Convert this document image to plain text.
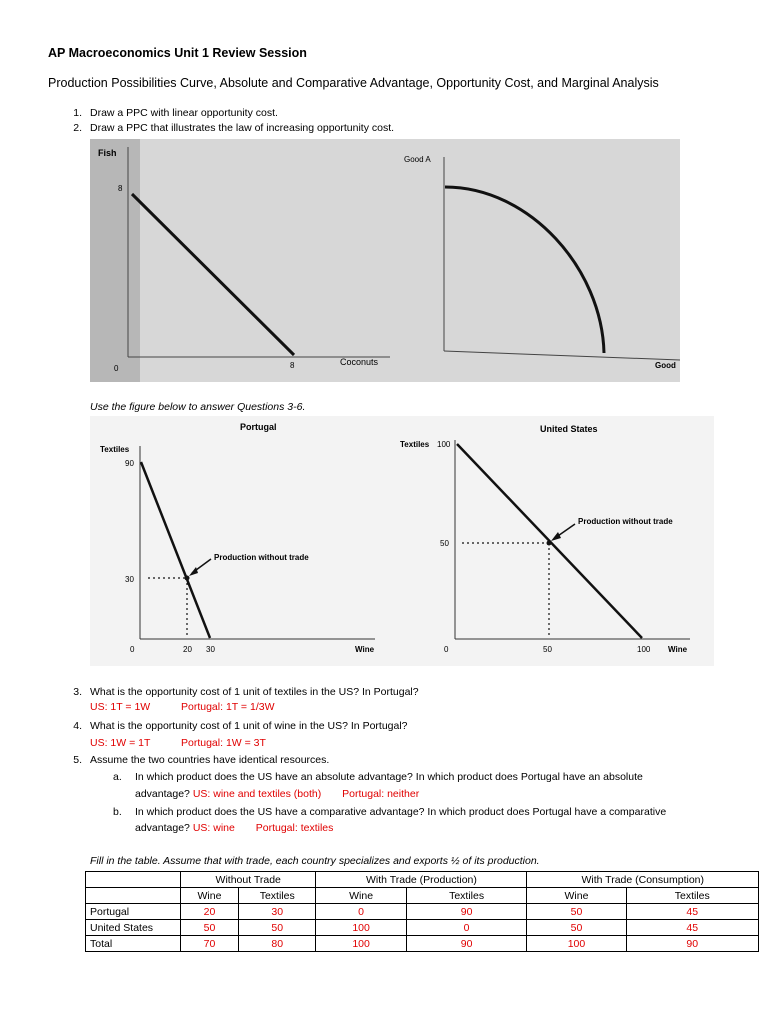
AP Macroeconomics Unit 1 Review Session
Production Possibilities Curve, Absolute and Comparative Advantage, Opportunity Cost, and Marginal Analysis
1. Draw a PPC with linear opportunity cost.
2. Draw a PPC that illustrates the law of increasing opportunity cost.
Fish
8
0	8	Coconuts
Good A
Good
Use the figure below to answer Questions 3-6.
Portugal
Textiles
90
30
0	20 30	Wine
Production without trade
United States
Textiles 100
50
0	50	100 Wine
Production without trade
3. What is the opportunity cost of 1 unit of textiles in the US? In Portugal?
US: 1T = 1W	Portugal: 1T = 1/3W
4. What is the opportunity cost of 1 unit of wine in the US? In Portugal?
US: 1W = 1T	Portugal: 1W = 3T
5. Assume the two countries have identical resources.
a. In which product does the US have an absolute advantage? In which product does Portugal have an absolute
advantage? US: wine and textiles (both) Portugal: neither
b. In which product does the US have a comparative advantage? In which product does Portugal have a comparative
advantage? US: wine Portugal: textiles
Fill in the table. Assume that with trade, each country specializes and exports ½ of its production.
	Without Trade		With Trade (Production)		With Trade (Consumption)	
	Wine	Textiles	Wine	Textiles	Wine	Textiles
Portugal	20	30	0	90	50	45
United States	50	50	100	0	50	45
Total	70	80	100	90	100	90
